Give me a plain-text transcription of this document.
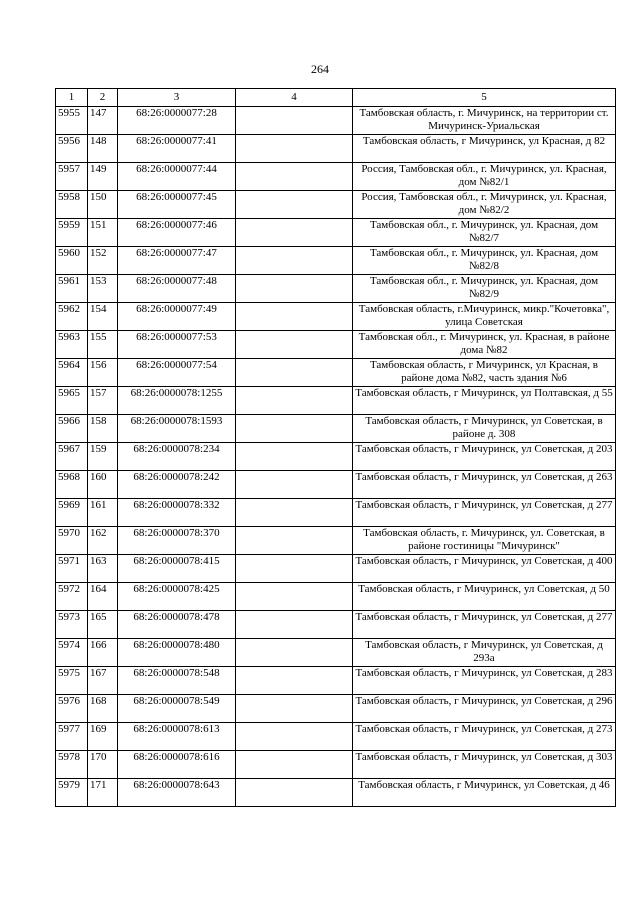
264
1	2	3	4	5
5955	147	68:26:0000077:28		Тамбовская область, г. Мичуринск, на территории ст. Мичуринск-Уриальская
5956	148	68:26:0000077:41		Тамбовская область, г Мичуринск, ул Красная, д 82
5957	149	68:26:0000077:44		Россия, Тамбовская обл., г. Мичуринск, ул. Красная, дом №82/1
5958	150	68:26:0000077:45		Россия, Тамбовская обл., г. Мичуринск, ул. Красная, дом №82/2
5959	151	68:26:0000077:46		Тамбовская обл., г. Мичуринск, ул. Красная, дом №82/7
5960	152	68:26:0000077:47		Тамбовская обл., г. Мичуринск, ул. Красная, дом №82/8
5961	153	68:26:0000077:48		Тамбовская обл., г. Мичуринск, ул. Красная, дом №82/9
5962	154	68:26:0000077:49		Тамбовская область, г.Мичуринск, микр."Кочетовка", улица Советская
5963	155	68:26:0000077:53		Тамбовская обл., г. Мичуринск, ул. Красная, в районе дома №82
5964	156	68:26:0000077:54		Тамбовская область, г Мичуринск, ул Красная, в районе дома №82, часть здания №6
5965	157	68:26:0000078:1255		Тамбовская область, г Мичуринск, ул Полтавская, д 55
5966	158	68:26:0000078:1593		Тамбовская область, г Мичуринск, ул Советская, в районе д. 308
5967	159	68:26:0000078:234		Тамбовская область, г Мичуринск, ул Советская, д 203
5968	160	68:26:0000078:242		Тамбовская область, г Мичуринск, ул Советская, д 263
5969	161	68:26:0000078:332		Тамбовская область, г Мичуринск, ул Советская, д 277
5970	162	68:26:0000078:370		Тамбовская область, г. Мичуринск, ул. Советская, в районе гостиницы "Мичуринск"
5971	163	68:26:0000078:415		Тамбовская область, г Мичуринск, ул Советская, д 400
5972	164	68:26:0000078:425		Тамбовская область, г Мичуринск, ул Советская, д 50
5973	165	68:26:0000078:478		Тамбовская область, г Мичуринск, ул Советская, д 277
5974	166	68:26:0000078:480		Тамбовская область, г Мичуринск, ул Советская, д 293а
5975	167	68:26:0000078:548		Тамбовская область, г Мичуринск, ул Советская, д 283
5976	168	68:26:0000078:549		Тамбовская область, г Мичуринск, ул Советская, д 296
5977	169	68:26:0000078:613		Тамбовская область, г Мичуринск, ул Советская, д 273
5978	170	68:26:0000078:616		Тамбовская область, г Мичуринск, ул Советская, д 303
5979	171	68:26:0000078:643		Тамбовская область, г Мичуринск, ул Советская, д 46
